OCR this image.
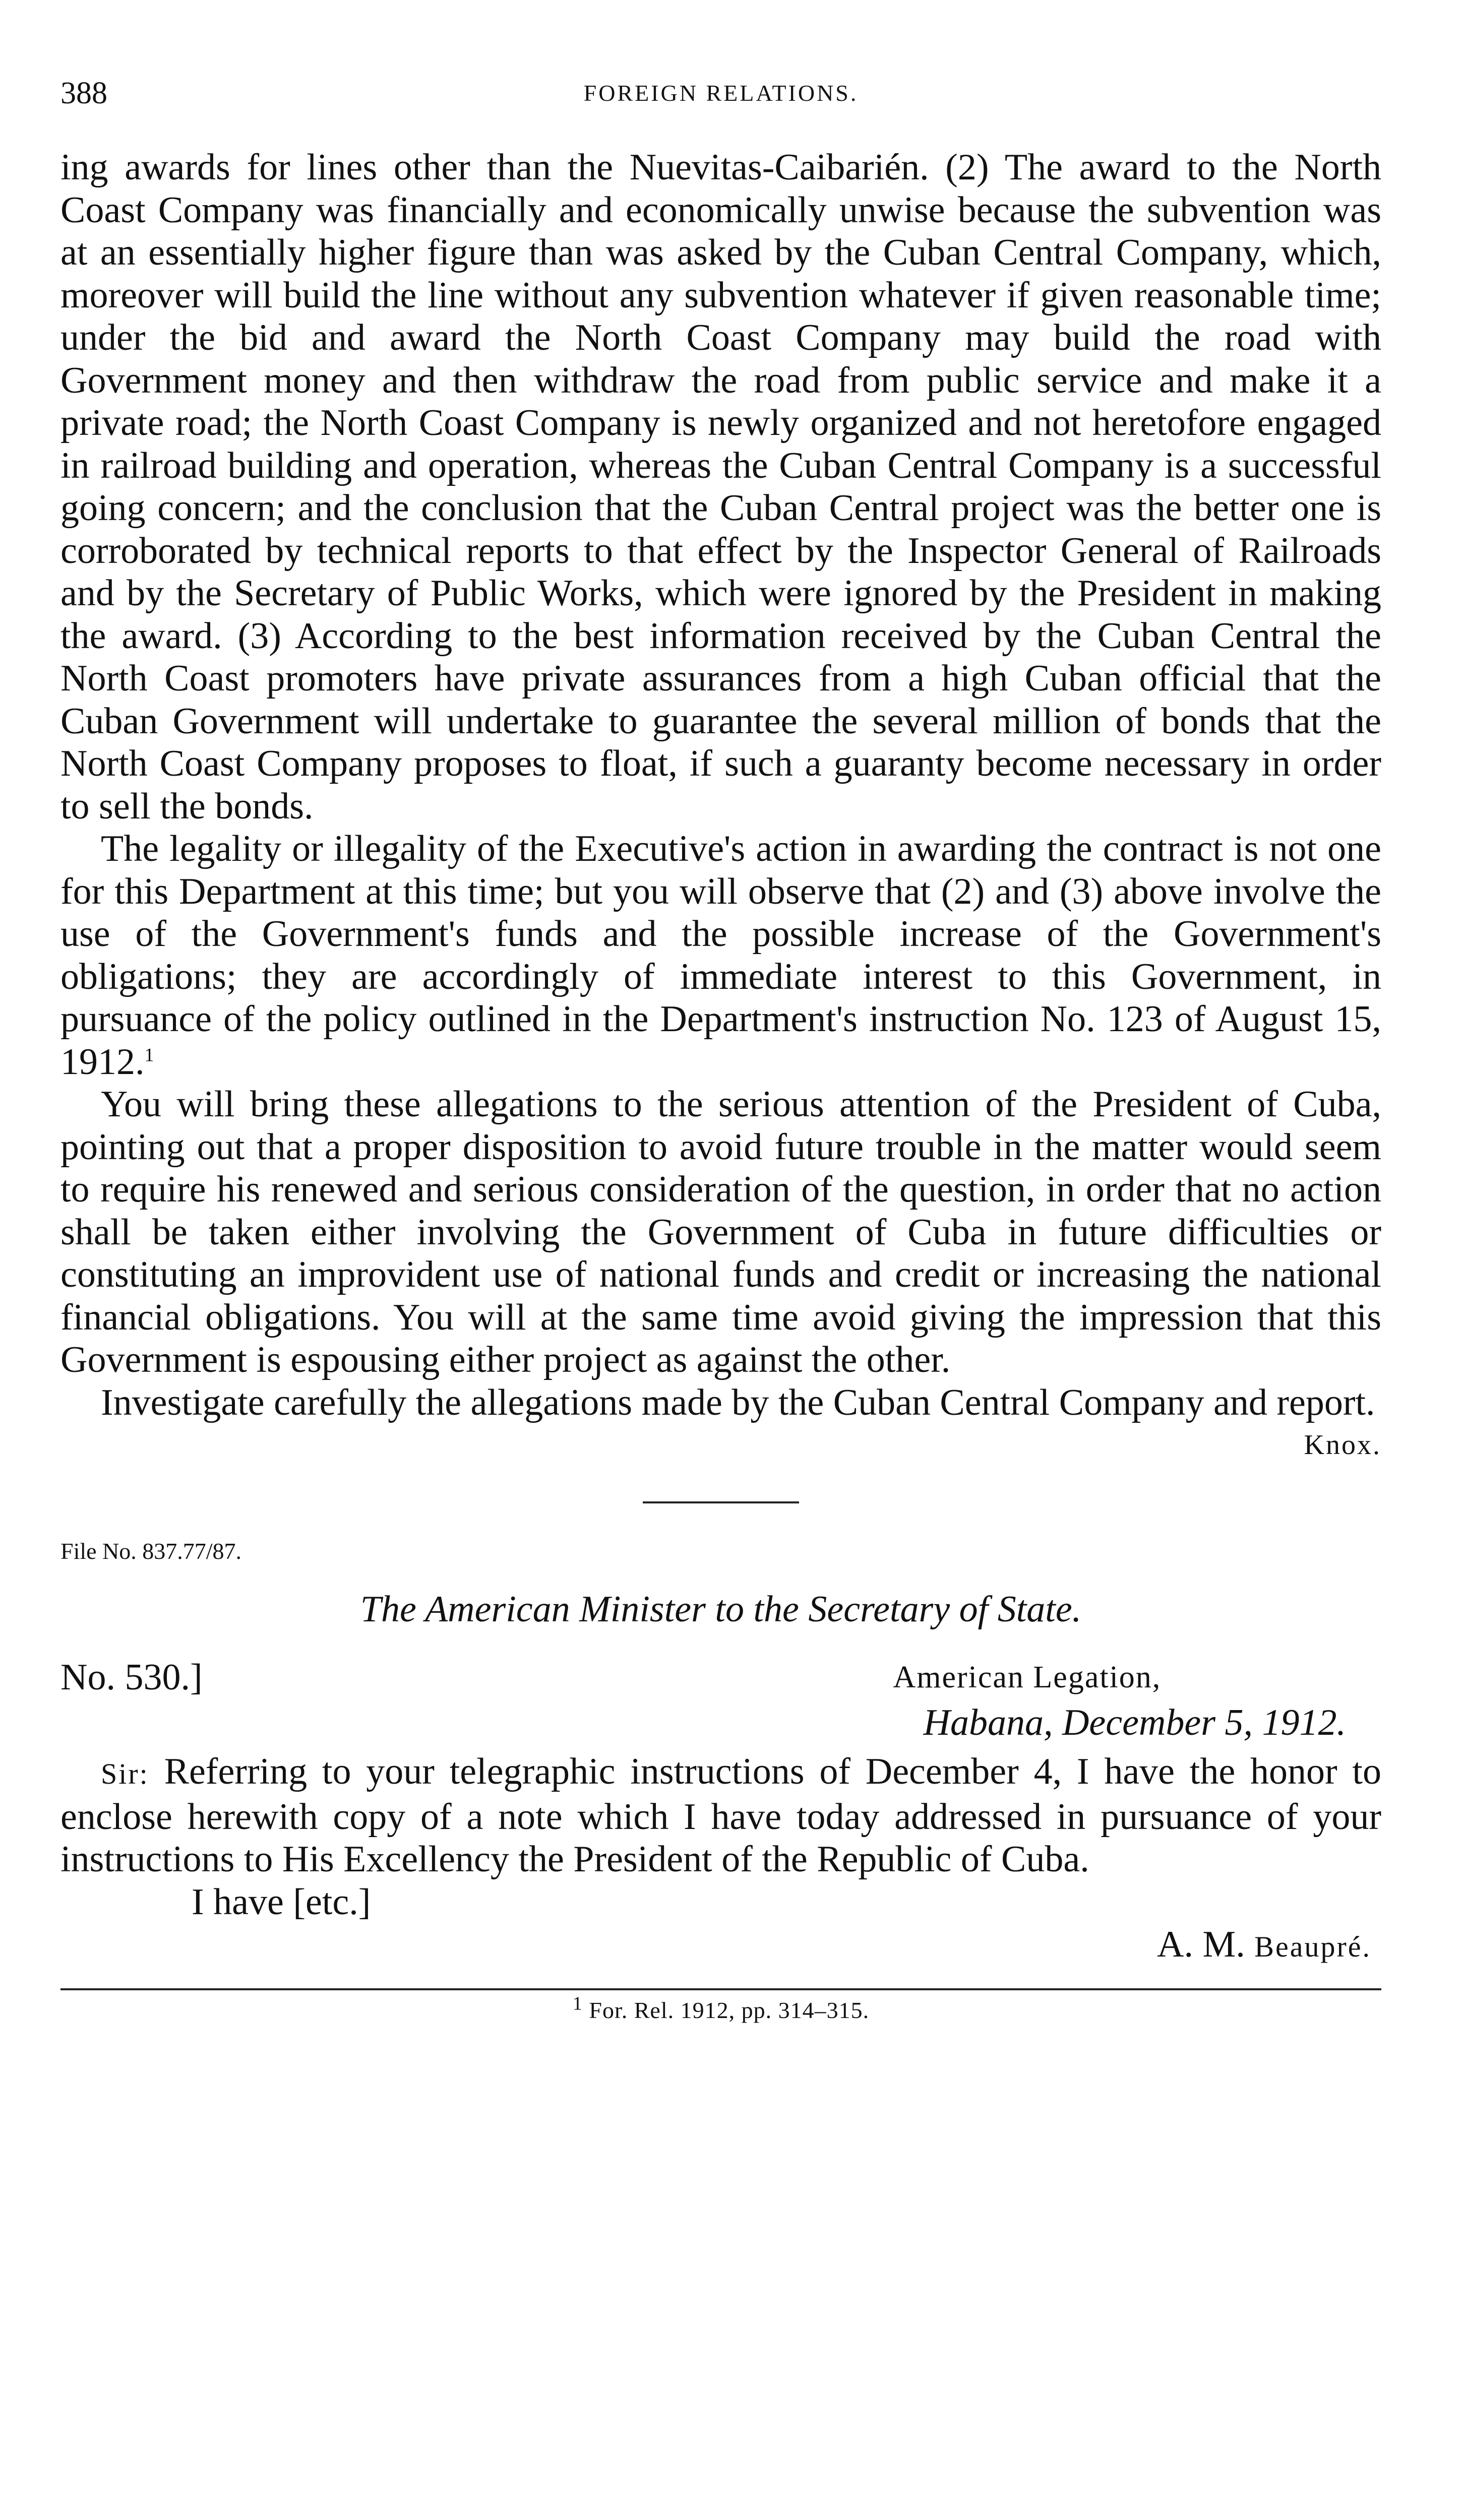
388	FOREIGN RELATIONS.

ing awards for lines other than the Nuevitas-Caibarién. (2) The award to the North Coast Company was financially and economically unwise because the subvention was at an essentially higher figure than was asked by the Cuban Central Company, which, moreover will build the line without any subvention whatever if given reasonable time; under the bid and award the North Coast Company may build the road with Government money and then withdraw the road from public service and make it a private road; the North Coast Company is newly organized and not heretofore engaged in railroad building and operation, whereas the Cuban Central Company is a successful going concern; and the conclusion that the Cuban Central project was the better one is corroborated by technical reports to that effect by the Inspector General of Railroads and by the Secretary of Public Works, which were ignored by the President in making the award. (3) According to the best information received by the Cuban Central the North Coast promoters have private assurances from a high Cuban official that the Cuban Government will undertake to guarantee the several million of bonds that the North Coast Company proposes to float, if such a guaranty become necessary in order to sell the bonds.

The legality or illegality of the Executive's action in awarding the contract is not one for this Department at this time; but you will observe that (2) and (3) above involve the use of the Government's funds and the possible increase of the Government's obligations; they are accordingly of immediate interest to this Government, in pursuance of the policy outlined in the Department's instruction No. 123 of August 15, 1912.$^1$

You will bring these allegations to the serious attention of the President of Cuba, pointing out that a proper disposition to avoid future trouble in the matter would seem to require his renewed and serious consideration of the question, in order that no action shall be taken either involving the Government of Cuba in future difficulties or constituting an improvident use of national funds and credit or increasing the national financial obligations. You will at the same time avoid giving the impression that this Government is espousing either project as against the other.

Investigate carefully the allegations made by the Cuban Central Company and report.

Knox.
File No. 837.77/87.
The American Minister to the Secretary of State.
No. 530.]	American Legation,
Habana, December 5, 1912.

Sir: Referring to your telegraphic instructions of December 4, I have the honor to enclose herewith copy of a note which I have today addressed in pursuance of your instructions to His Excellency the President of the Republic of Cuba.

I have [etc.]
A. M. Beaupré.
$^1$ For. Rel. 1912, pp. 314–315.
